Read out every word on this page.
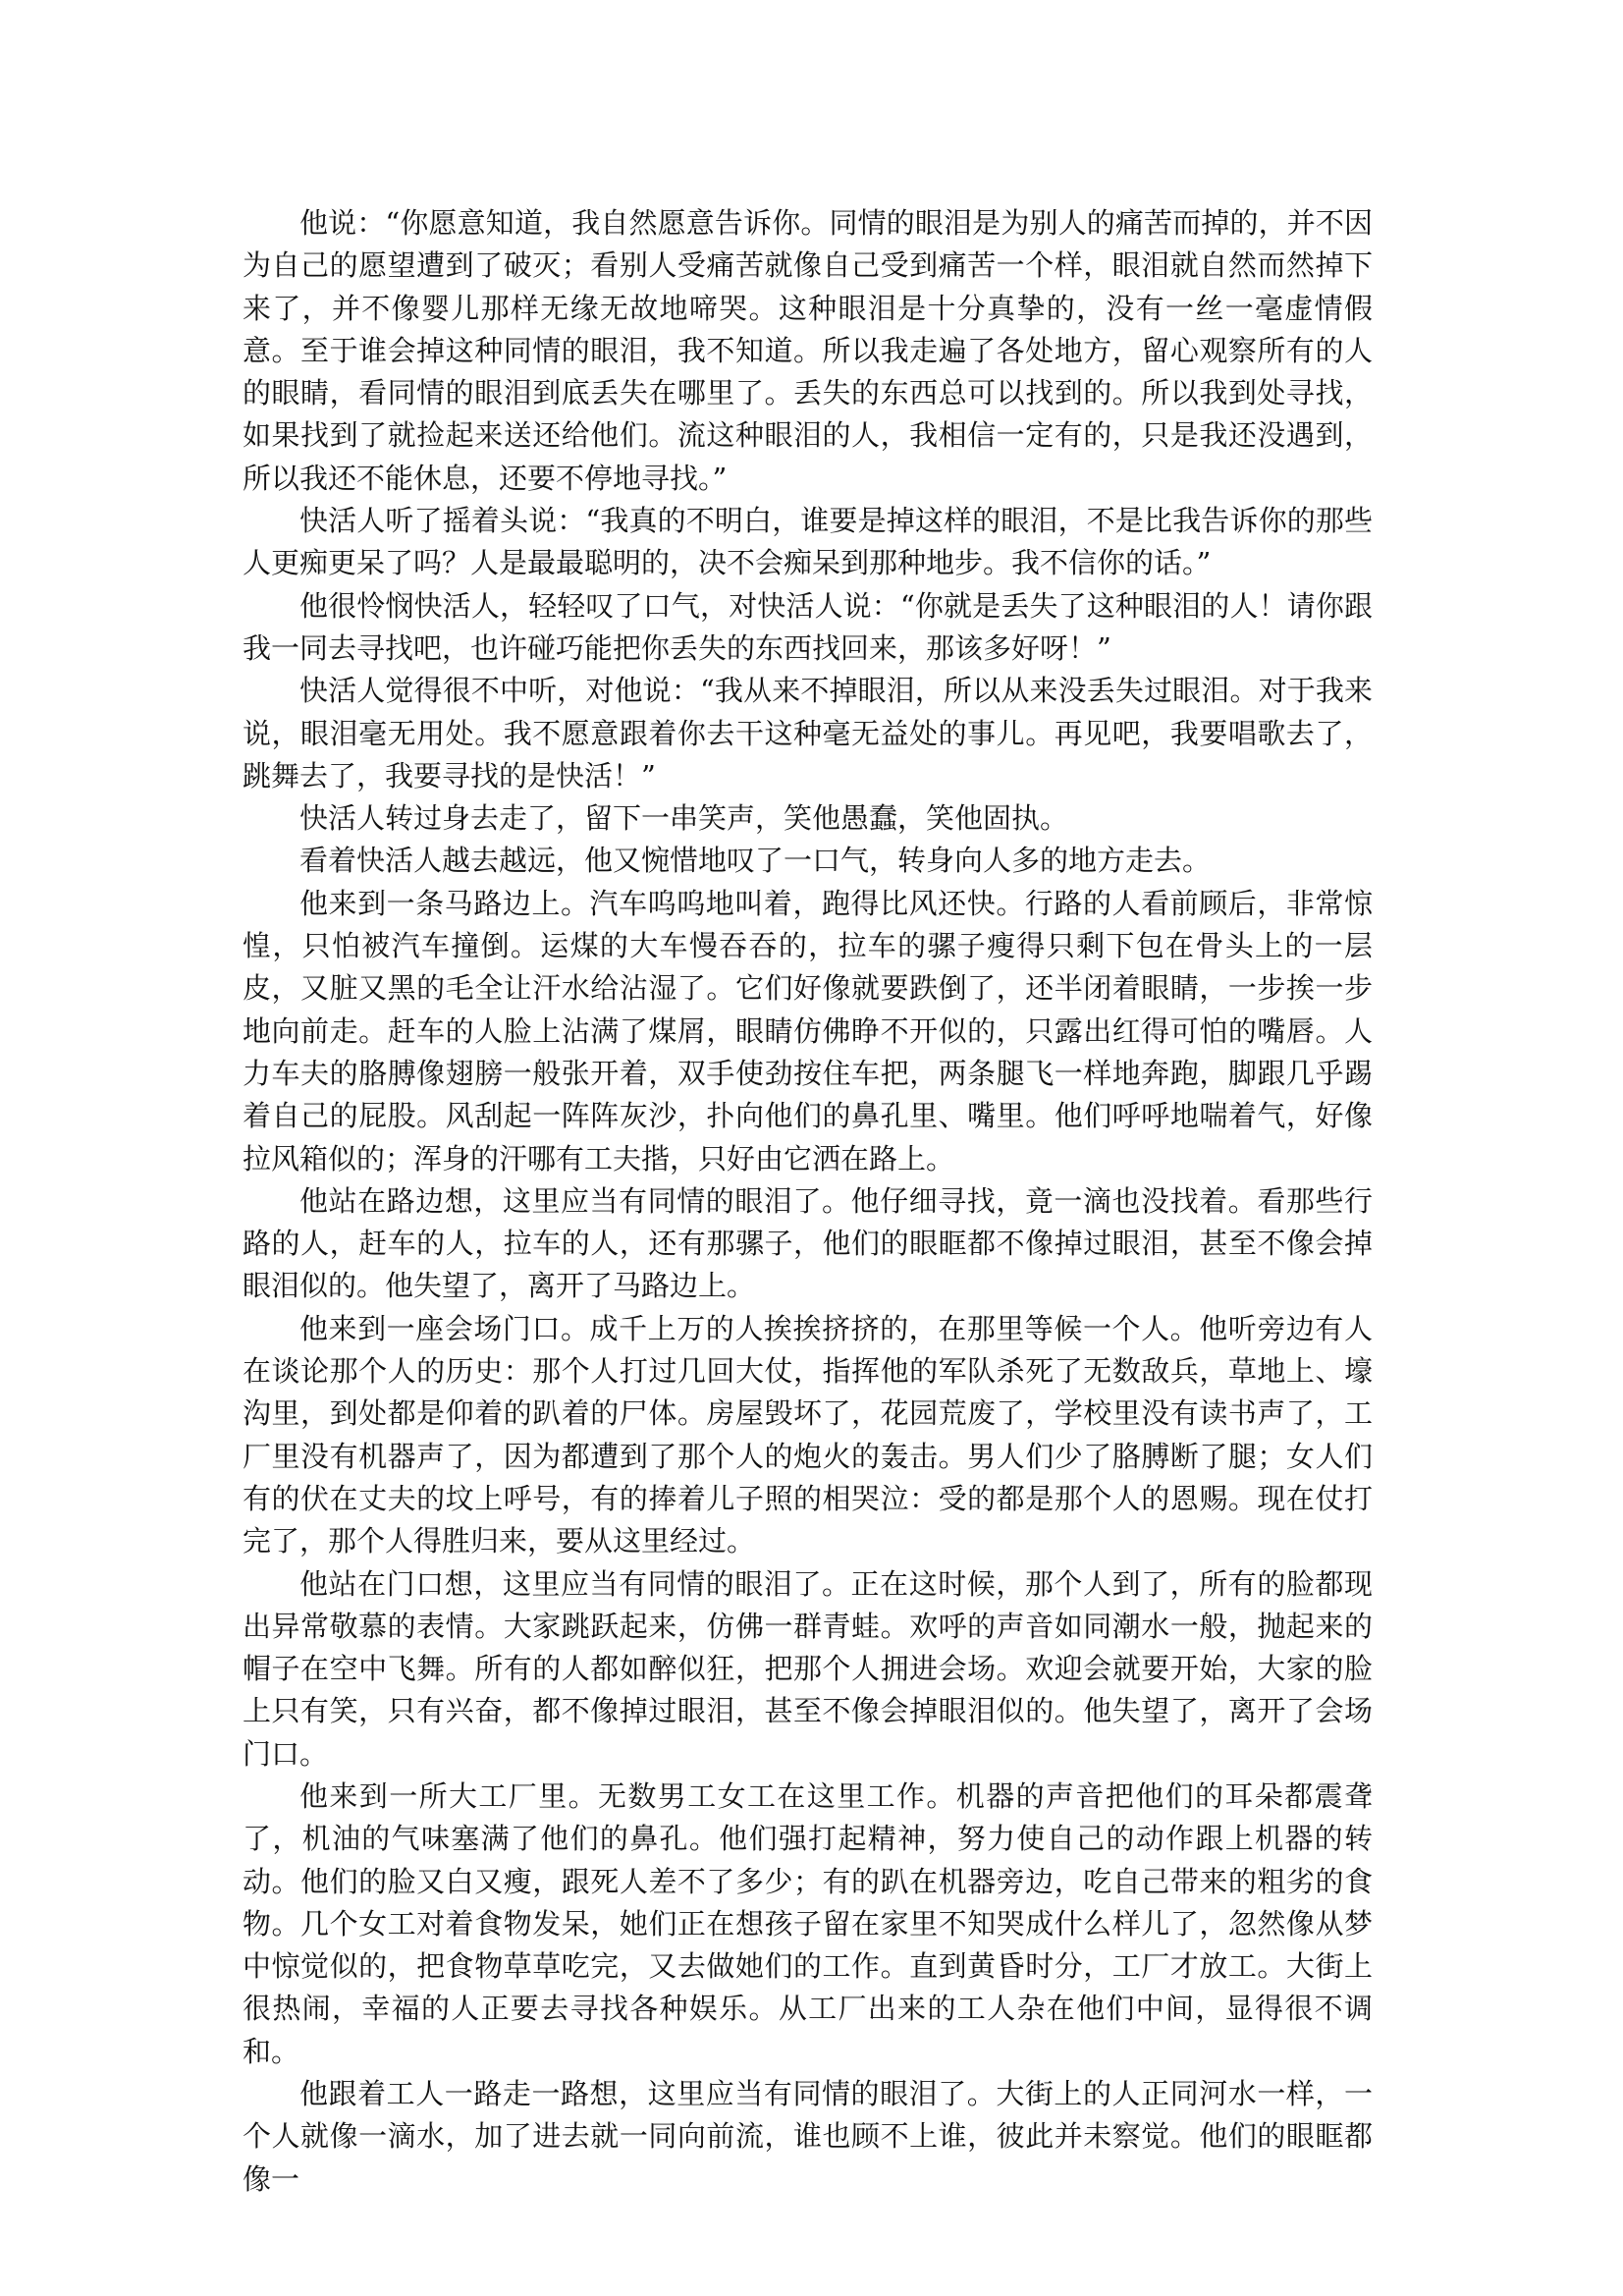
他说：“你愿意知道，我自然愿意告诉你。同情的眼泪是为别人的痛苦而掉的，并不因为自己的愿望遭到了破灭；看别人受痛苦就像自己受到痛苦一个样，眼泪就自然而然掉下来了，并不像婴儿那样无缘无故地啼哭。这种眼泪是十分真挚的，没有一丝一毫虚情假意。至于谁会掉这种同情的眼泪，我不知道。所以我走遍了各处地方，留心观察所有的人的眼睛，看同情的眼泪到底丢失在哪里了。丢失的东西总可以找到的。所以我到处寻找，如果找到了就捡起来送还给他们。流这种眼泪的人，我相信一定有的，只是我还没遇到，所以我还不能休息，还要不停地寻找。”

快活人听了摇着头说：“我真的不明白，谁要是掉这样的眼泪，不是比我告诉你的那些人更痴更呆了吗？人是最最聪明的，决不会痴呆到那种地步。我不信你的话。”

他很怜悯快活人，轻轻叹了口气，对快活人说：“你就是丢失了这种眼泪的人！请你跟我一同去寻找吧，也许碰巧能把你丢失的东西找回来，那该多好呀！”

快活人觉得很不中听，对他说：“我从来不掉眼泪，所以从来没丢失过眼泪。对于我来说，眼泪毫无用处。我不愿意跟着你去干这种毫无益处的事儿。再见吧，我要唱歌去了，跳舞去了，我要寻找的是快活！”

快活人转过身去走了，留下一串笑声，笑他愚蠢，笑他固执。

看着快活人越去越远，他又惋惜地叹了一口气，转身向人多的地方走去。

他来到一条马路边上。汽车呜呜地叫着，跑得比风还快。行路的人看前顾后，非常惊惶，只怕被汽车撞倒。运煤的大车慢吞吞的，拉车的骡子瘦得只剩下包在骨头上的一层皮，又脏又黑的毛全让汗水给沾湿了。它们好像就要跌倒了，还半闭着眼睛，一步挨一步地向前走。赶车的人脸上沾满了煤屑，眼睛仿佛睁不开似的，只露出红得可怕的嘴唇。人力车夫的胳膊像翅膀一般张开着，双手使劲按住车把，两条腿飞一样地奔跑，脚跟几乎踢着自己的屁股。风刮起一阵阵灰沙，扑向他们的鼻孔里、嘴里。他们呼呼地喘着气，好像拉风箱似的；浑身的汗哪有工夫揩，只好由它洒在路上。

他站在路边想，这里应当有同情的眼泪了。他仔细寻找，竟一滴也没找着。看那些行路的人，赶车的人，拉车的人，还有那骡子，他们的眼眶都不像掉过眼泪，甚至不像会掉眼泪似的。他失望了，离开了马路边上。

他来到一座会场门口。成千上万的人挨挨挤挤的，在那里等候一个人。他听旁边有人在谈论那个人的历史：那个人打过几回大仗，指挥他的军队杀死了无数敌兵，草地上、壕沟里，到处都是仰着的趴着的尸体。房屋毁坏了，花园荒废了，学校里没有读书声了，工厂里没有机器声了，因为都遭到了那个人的炮火的轰击。男人们少了胳膊断了腿；女人们有的伏在丈夫的坟上呼号，有的捧着儿子照的相哭泣：受的都是那个人的恩赐。现在仗打完了，那个人得胜归来，要从这里经过。

他站在门口想，这里应当有同情的眼泪了。正在这时候，那个人到了，所有的脸都现出异常敬慕的表情。大家跳跃起来，仿佛一群青蛙。欢呼的声音如同潮水一般，抛起来的帽子在空中飞舞。所有的人都如醉似狂，把那个人拥进会场。欢迎会就要开始，大家的脸上只有笑，只有兴奋，都不像掉过眼泪，甚至不像会掉眼泪似的。他失望了，离开了会场门口。

他来到一所大工厂里。无数男工女工在这里工作。机器的声音把他们的耳朵都震聋了，机油的气味塞满了他们的鼻孔。他们强打起精神，努力使自己的动作跟上机器的转动。他们的脸又白又瘦，跟死人差不了多少；有的趴在机器旁边，吃自己带来的粗劣的食物。几个女工对着食物发呆，她们正在想孩子留在家里不知哭成什么样儿了，忽然像从梦中惊觉似的，把食物草草吃完，又去做她们的工作。直到黄昏时分，工厂才放工。大街上很热闹，幸福的人正要去寻找各种娱乐。从工厂出来的工人杂在他们中间，显得很不调和。

他跟着工人一路走一路想，这里应当有同情的眼泪了。大街上的人正同河水一样，一个人就像一滴水，加了进去就一同向前流，谁也顾不上谁，彼此并未察觉。他们的眼眶都像一
